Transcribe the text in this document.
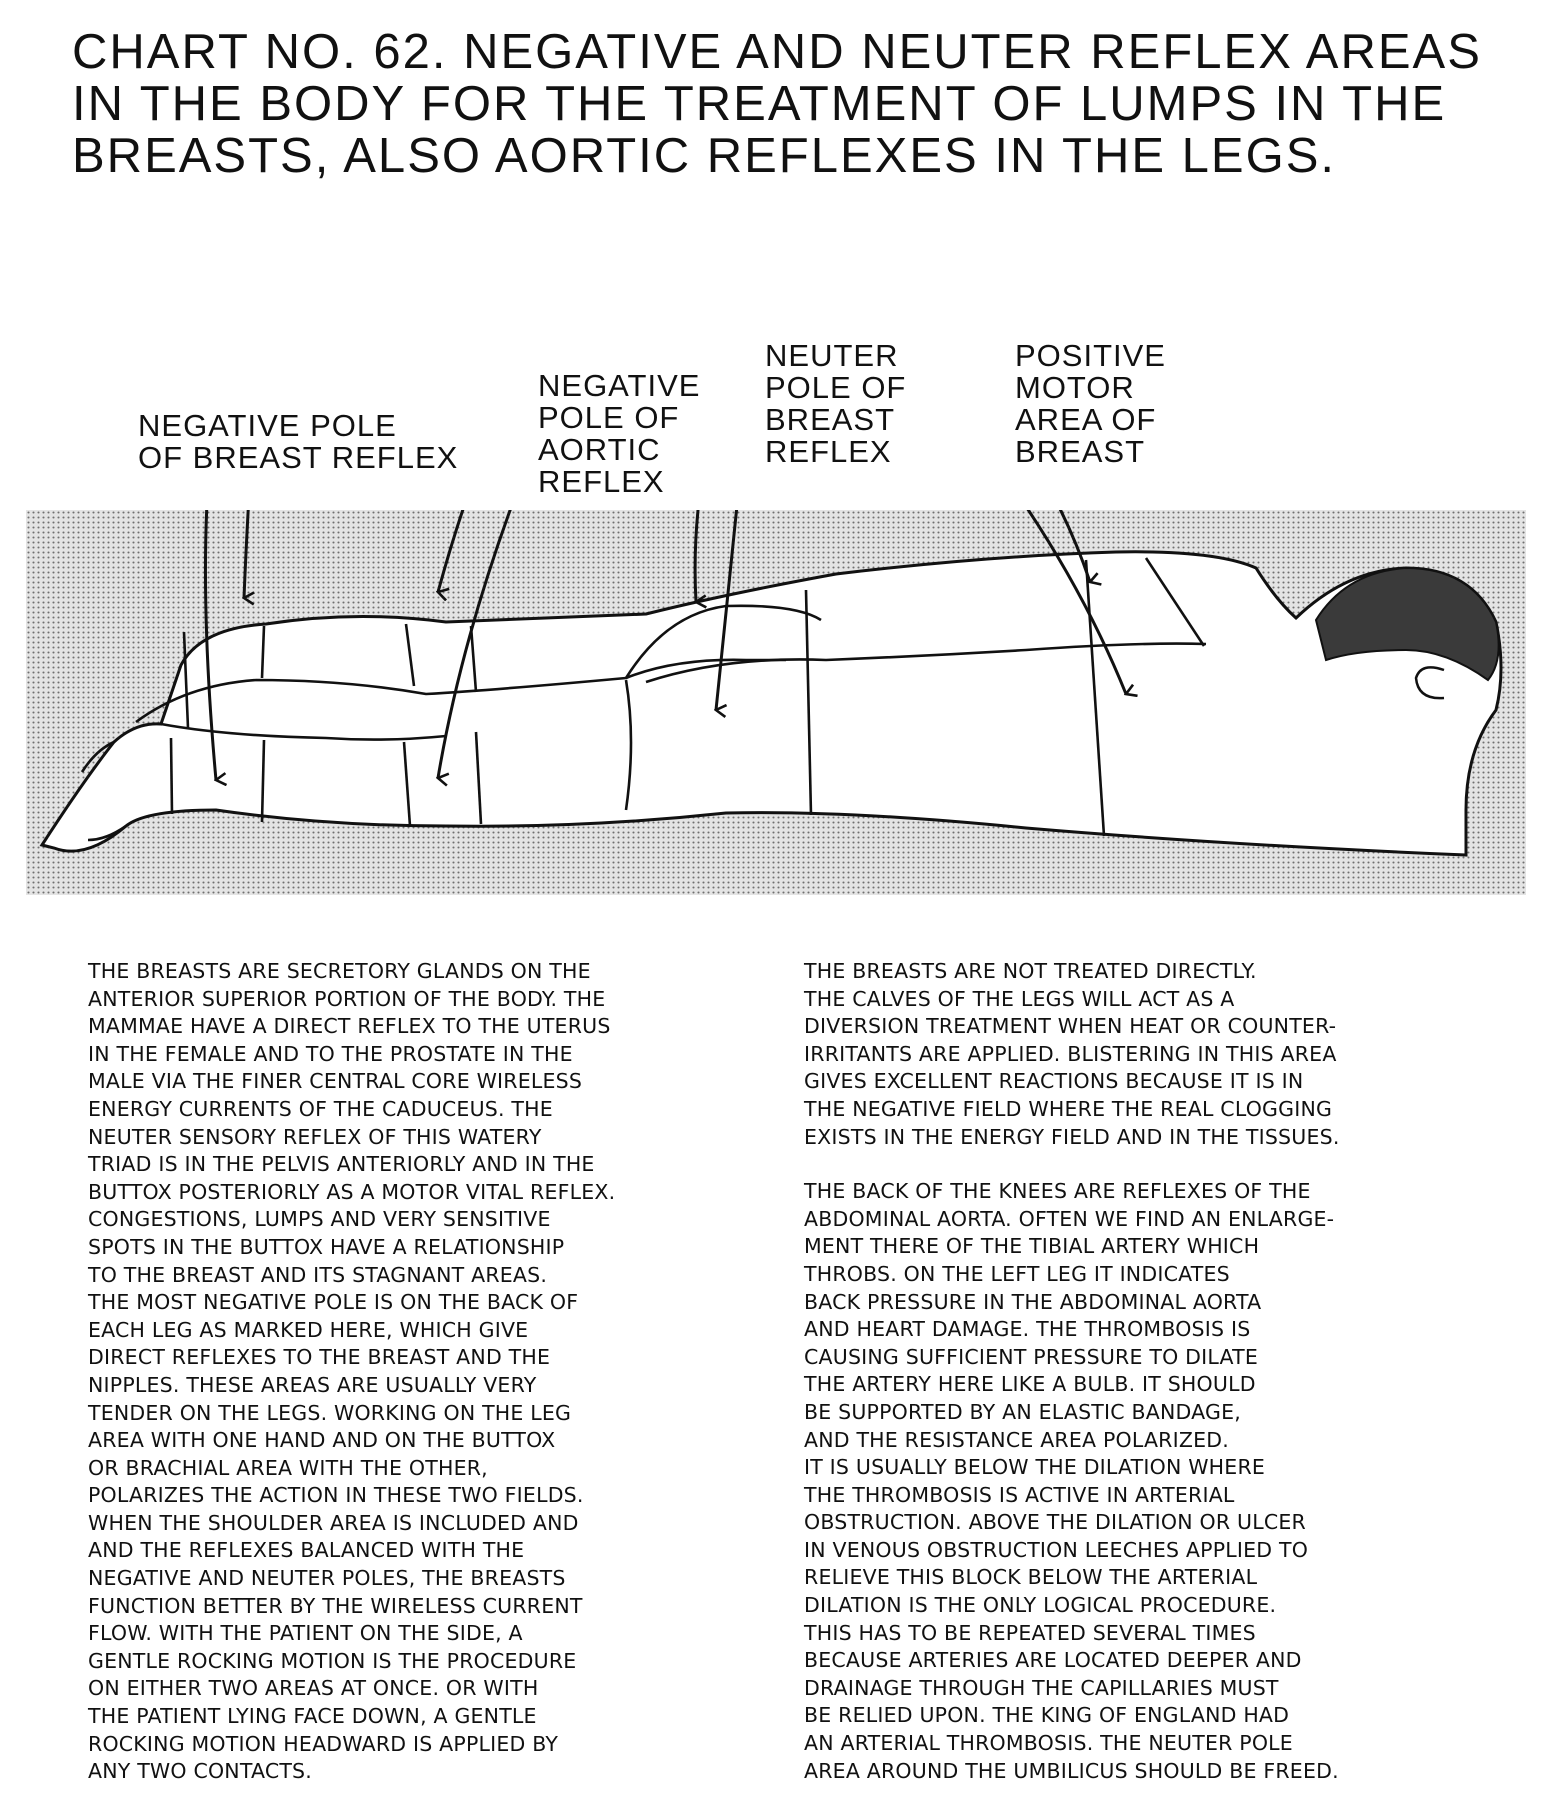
CHART NO. 62. NEGATIVE AND NEUTER REFLEX AREAS
IN THE BODY FOR THE TREATMENT OF LUMPS IN THE
BREASTS, ALSO AORTIC REFLEXES IN THE LEGS.
NEGATIVE POLE
OF BREAST REFLEX
NEGATIVE
POLE OF
AORTIC
REFLEX
NEUTER
POLE OF
BREAST
REFLEX
POSITIVE
MOTOR
AREA OF
BREAST
THE BREASTS ARE SECRETORY GLANDS ON THE
ANTERIOR SUPERIOR PORTION OF THE BODY. THE
MAMMAE HAVE A DIRECT REFLEX TO THE UTERUS
IN THE FEMALE AND TO THE PROSTATE IN THE
MALE VIA THE FINER CENTRAL CORE WIRELESS
ENERGY CURRENTS OF THE CADUCEUS. THE
NEUTER SENSORY REFLEX OF THIS WATERY
TRIAD IS IN THE PELVIS ANTERIORLY AND IN THE
BUTTOX POSTERIORLY AS A MOTOR VITAL REFLEX.
CONGESTIONS, LUMPS AND VERY SENSITIVE
SPOTS IN THE BUTTOX HAVE A RELATIONSHIP
TO THE BREAST AND ITS STAGNANT AREAS.
THE MOST NEGATIVE POLE IS ON THE BACK OF
EACH LEG AS MARKED HERE, WHICH GIVE
DIRECT REFLEXES TO THE BREAST AND THE
NIPPLES. THESE AREAS ARE USUALLY VERY
TENDER ON THE LEGS. WORKING ON THE LEG
AREA WITH ONE HAND AND ON THE BUTTOX
OR BRACHIAL AREA WITH THE OTHER,
POLARIZES THE ACTION IN THESE TWO FIELDS.
WHEN THE SHOULDER AREA IS INCLUDED AND
AND THE REFLEXES BALANCED WITH THE
NEGATIVE AND NEUTER POLES, THE BREASTS
FUNCTION BETTER BY THE WIRELESS CURRENT
FLOW. WITH THE PATIENT ON THE SIDE, A
GENTLE ROCKING MOTION IS THE PROCEDURE
ON EITHER TWO AREAS AT ONCE. OR WITH
THE PATIENT LYING FACE DOWN, A GENTLE
ROCKING MOTION HEADWARD IS APPLIED BY
ANY TWO CONTACTS.
THE BREASTS ARE NOT TREATED DIRECTLY.
THE CALVES OF THE LEGS WILL ACT AS A
DIVERSION TREATMENT WHEN HEAT OR COUNTER-
IRRITANTS ARE APPLIED. BLISTERING IN THIS AREA
GIVES EXCELLENT REACTIONS BECAUSE IT IS IN
THE NEGATIVE FIELD WHERE THE REAL CLOGGING
EXISTS IN THE ENERGY FIELD AND IN THE TISSUES.
THE BACK OF THE KNEES ARE REFLEXES OF THE
ABDOMINAL AORTA. OFTEN WE FIND AN ENLARGE-
MENT THERE OF THE TIBIAL ARTERY WHICH
THROBS. ON THE LEFT LEG IT INDICATES
BACK PRESSURE IN THE ABDOMINAL AORTA
AND HEART DAMAGE. THE THROMBOSIS IS
CAUSING SUFFICIENT PRESSURE TO DILATE
THE ARTERY HERE LIKE A BULB. IT SHOULD
BE SUPPORTED BY AN ELASTIC BANDAGE,
AND THE RESISTANCE AREA POLARIZED.
IT IS USUALLY BELOW THE DILATION WHERE
THE THROMBOSIS IS ACTIVE IN ARTERIAL
OBSTRUCTION. ABOVE THE DILATION OR ULCER
IN VENOUS OBSTRUCTION LEECHES APPLIED TO
RELIEVE THIS BLOCK BELOW THE ARTERIAL
DILATION IS THE ONLY LOGICAL PROCEDURE.
THIS HAS TO BE REPEATED SEVERAL TIMES
BECAUSE ARTERIES ARE LOCATED DEEPER AND
DRAINAGE THROUGH THE CAPILLARIES MUST
BE RELIED UPON. THE KING OF ENGLAND HAD
AN ARTERIAL THROMBOSIS. THE NEUTER POLE
AREA AROUND THE UMBILICUS SHOULD BE FREED.
